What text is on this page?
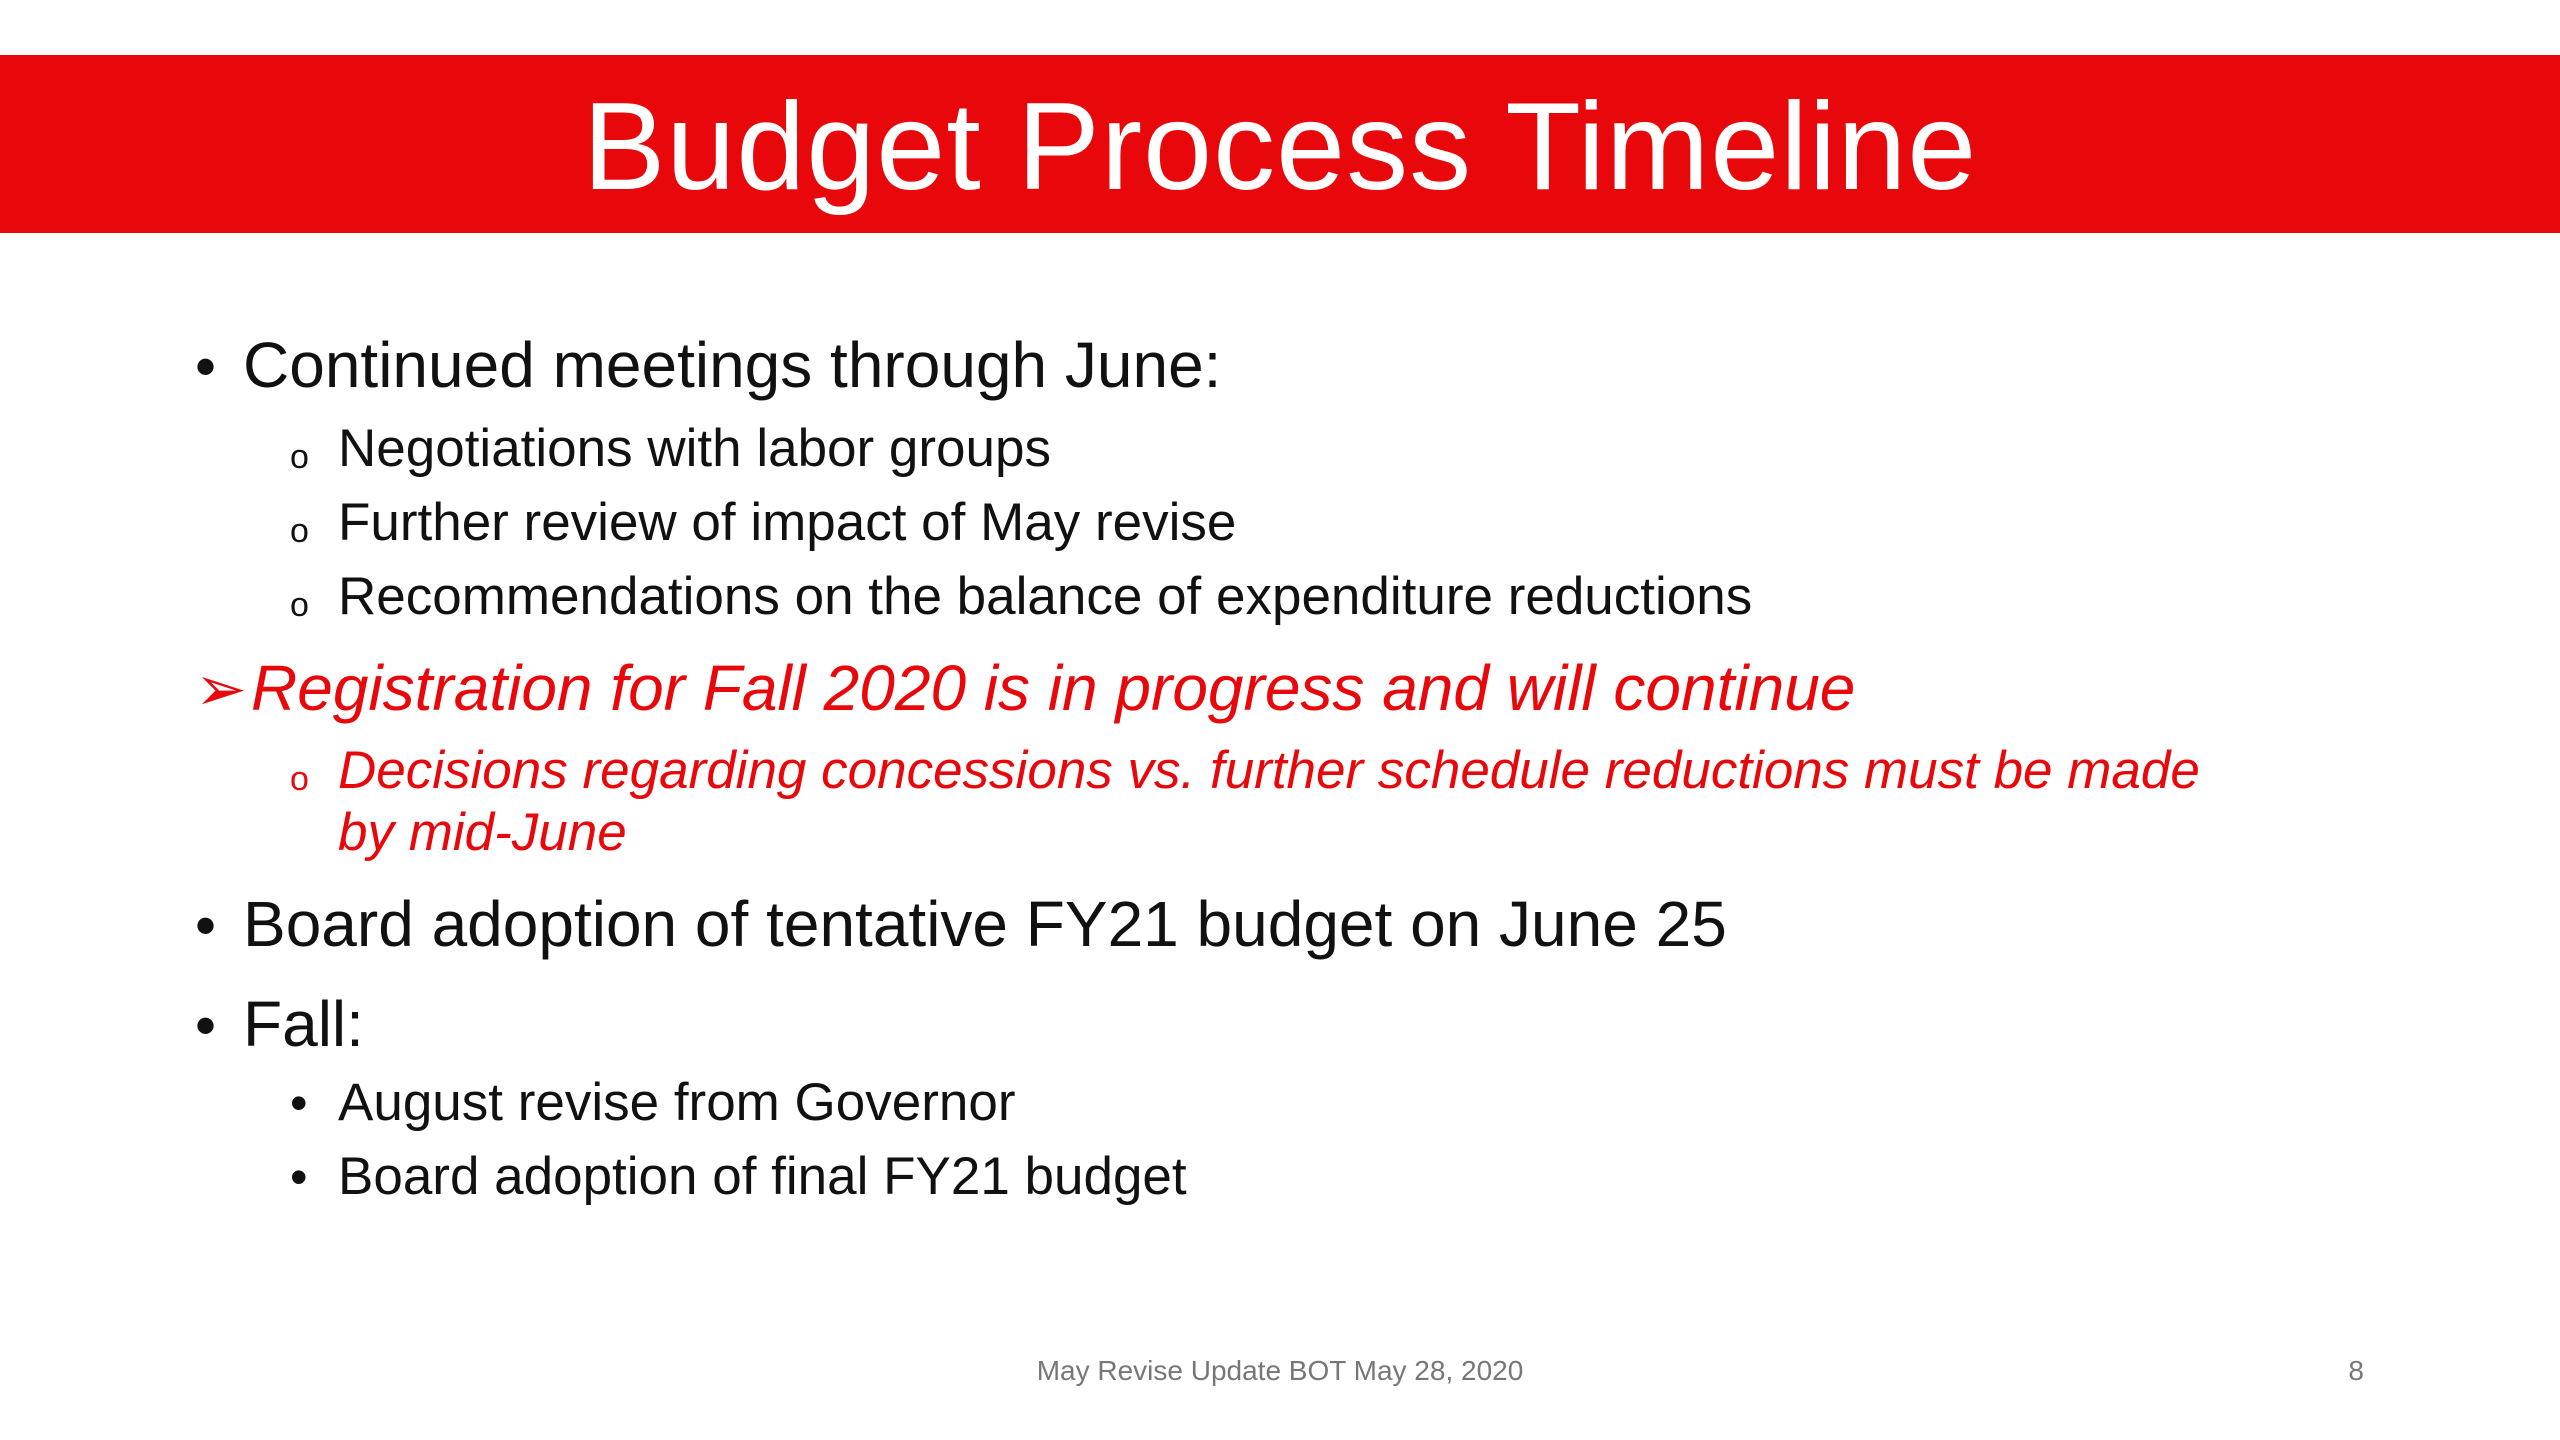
Budget Process Timeline
• Continued meetings through June:
o Negotiations with labor groups
o Further review of impact of May revise
o Recommendations on the balance of expenditure reductions
➢Registration for Fall 2020 is in progress and will continue
o Decisions regarding concessions vs. further schedule reductions must be made
by mid-June
• Board adoption of tentative FY21 budget on June 25
• Fall:
• August revise from Governor
• Board adoption of final FY21 budget
May Revise Update BOT May 28, 2020	8
